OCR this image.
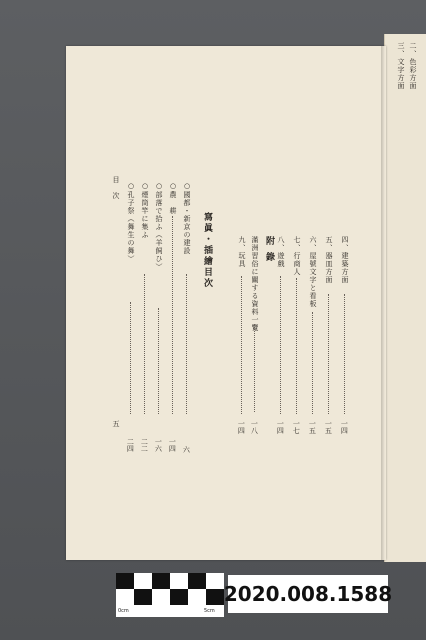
二、色彩方面
三、文字方面
附
錄
滿洲習俗に關する資料一覽
一八
四、建築方面
一四
五、器皿方面
一五
六、屋號文字と看板
一五
七、行商人
一七
八、遊戲
一四
九、玩具
一四
寫眞・插繪目次
○國都・新京の建設
六
○農　耕
一四
○部落で拾ふ（羊飼ひ）
一六
○煙筒竿に集ふ
二二
○孔子祭（舞生の舞）
二四
目　次
五
0cm	5cm
2020.008.1588
